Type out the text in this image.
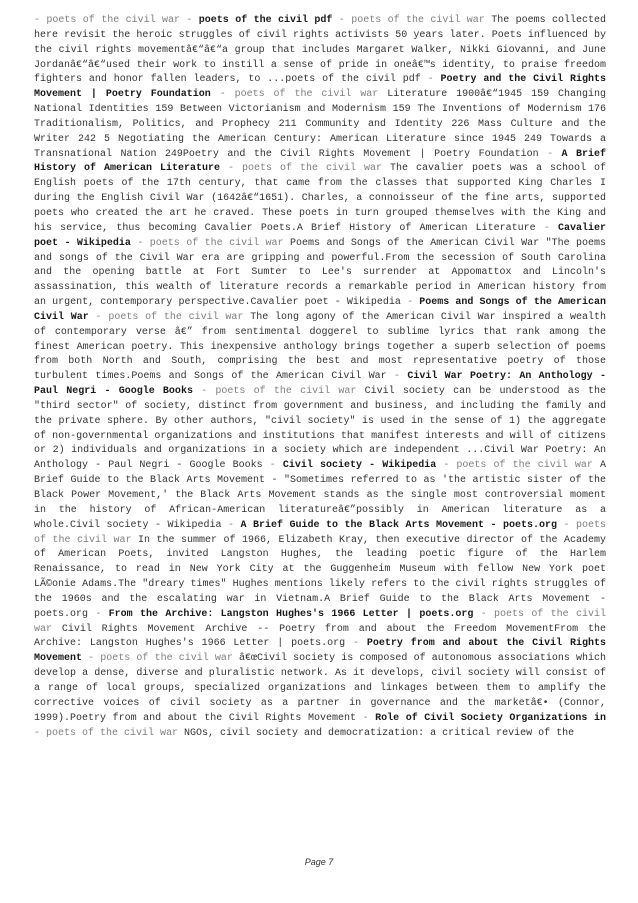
- poets of the civil war - poets of the civil pdf - poets of the civil war The poems collected here revisit the heroic struggles of civil rights activists 50 years later. Poets influenced by the civil rights movementâ€“â€“a group that includes Margaret Walker, Nikki Giovanni, and June Jordanâ€“â€“used their work to instill a sense of pride in oneâ€™s identity, to praise freedom fighters and honor fallen leaders, to ...poets of the civil pdf - Poetry and the Civil Rights Movement | Poetry Foundation - poets of the civil war Literature 1900â€“1945 159 Changing National Identities 159 Between Victorianism and Modernism 159 The Inventions of Modernism 176 Traditionalism, Politics, and Prophecy 211 Community and Identity 226 Mass Culture and the Writer 242 5 Negotiating the American Century: American Literature since 1945 249 Towards a Transnational Nation 249Poetry and the Civil Rights Movement | Poetry Foundation - A Brief History of American Literature - poets of the civil war The cavalier poets was a school of English poets of the 17th century, that came from the classes that supported King Charles I during the English Civil War (1642â€“1651). Charles, a connoisseur of the fine arts, supported poets who created the art he craved. These poets in turn grouped themselves with the King and his service, thus becoming Cavalier Poets.A Brief History of American Literature - Cavalier poet - Wikipedia - poets of the civil war Poems and Songs of the American Civil War "The poems and songs of the Civil War era are gripping and powerful.From the secession of South Carolina and the opening battle at Fort Sumter to Lee's surrender at Appomattox and Lincoln's assassination, this wealth of literature records a remarkable period in American history from an urgent, contemporary perspective.Cavalier poet - Wikipedia - Poems and Songs of the American Civil War - poets of the civil war The long agony of the American Civil War inspired a wealth of contemporary verse â€” from sentimental doggerel to sublime lyrics that rank among the finest American poetry. This inexpensive anthology brings together a superb selection of poems from both North and South, comprising the best and most representative poetry of those turbulent times.Poems and Songs of the American Civil War - Civil War Poetry: An Anthology - Paul Negri - Google Books - poets of the civil war Civil society can be understood as the "third sector" of society, distinct from government and business, and including the family and the private sphere. By other authors, "civil society" is used in the sense of 1) the aggregate of non-governmental organizations and institutions that manifest interests and will of citizens or 2) individuals and organizations in a society which are independent ...Civil War Poetry: An Anthology - Paul Negri - Google Books - Civil society - Wikipedia - poets of the civil war A Brief Guide to the Black Arts Movement - "Sometimes referred to as 'the artistic sister of the Black Power Movement,' the Black Arts Movement stands as the single most controversial moment in the history of African-American literatureâ€”possibly in American literature as a whole.Civil society - Wikipedia - A Brief Guide to the Black Arts Movement - poets.org - poets of the civil war In the summer of 1966, Elizabeth Kray, then executive director of the Academy of American Poets, invited Langston Hughes, the leading poetic figure of the Harlem Renaissance, to read in New York City at the Guggenheim Museum with fellow New York poet LÃ©onie Adams.The "dreary times" Hughes mentions likely refers to the civil rights struggles of the 1960s and the escalating war in Vietnam.A Brief Guide to the Black Arts Movement - poets.org - From the Archive: Langston Hughes's 1966 Letter | poets.org - poets of the civil war Civil Rights Movement Archive -- Poetry from and about the Freedom MovementFrom the Archive: Langston Hughes's 1966 Letter | poets.org - Poetry from and about the Civil Rights Movement - poets of the civil war â€œCivil society is composed of autonomous associations which develop a dense, diverse and pluralistic network. As it develops, civil society will consist of a range of local groups, specialized organizations and linkages between them to amplify the corrective voices of civil society as a partner in governance and the marketâ€• (Connor, 1999).Poetry from and about the Civil Rights Movement - Role of Civil Society Organizations in - poets of the civil war NGOs, civil society and democratization: a critical review of the

Page 7
